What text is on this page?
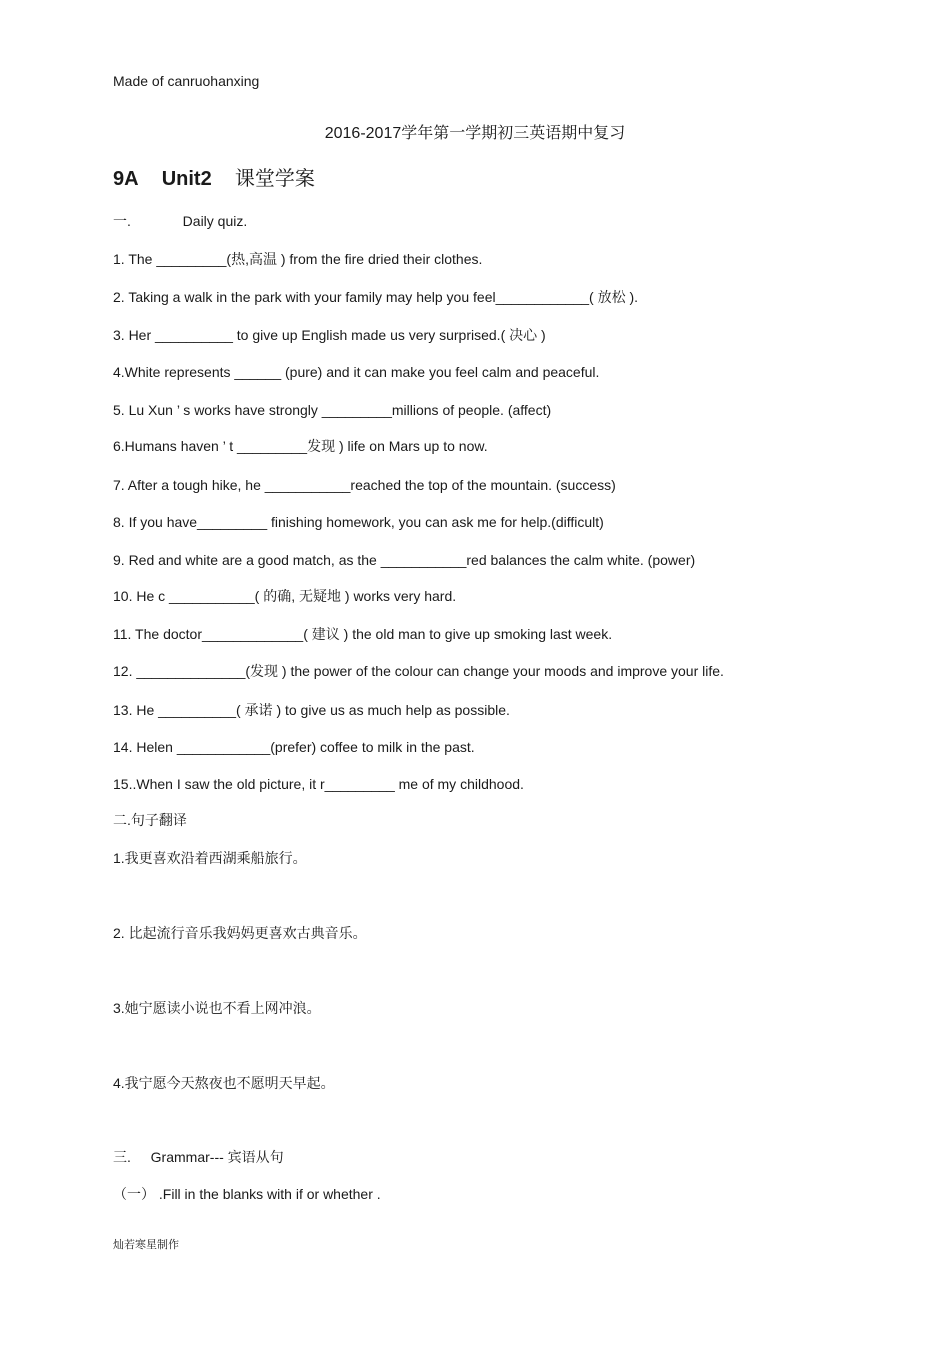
Made of canruohanxing
2016-2017学年第一学期初三英语期中复习
9A Unit2 课堂学案
一.	Daily quiz.
1. The _________(热,高温 ) from the fire dried their clothes.
2. Taking a walk in the park with your family may help you feel____________( 放松 ).
3. Her __________ to give up English made us very surprised.( 决心 )
4.White represents ______ (pure) and it can make you feel calm and peaceful.
5. Lu Xun ’ s works have strongly _________millions of people. (affect)
6.Humans haven ’ t _________发现 ) life on Mars up to now.
7. After a tough hike, he ___________reached the top of the mountain. (success)
8. If you have_________ finishing homework, you can ask me for help.(difficult)
9. Red and white are a good match, as the ___________red balances the calm white. (power)
10. He c ___________( 的确, 无疑地 ) works very hard.
11. The doctor_____________( 建议 ) the old man to give up smoking last week.
12. ______________(发现 ) the power of the colour can change your moods and improve your life.
13. He __________( 承诺 ) to give us as much help as possible.
14. Helen ____________(prefer) coffee to milk in the past.
15..When I saw the old picture, it r_________ me of my childhood.
二.句子翻译
1.我更喜欢沿着西湖乘船旅行。
2. 比起流行音乐我妈妈更喜欢古典音乐。
3.她宁愿读小说也不看上网冲浪。
4.我宁愿今天熬夜也不愿明天早起。
三. Grammar--- 宾语从句
（一） .Fill in the blanks with if or whether .
灿若寒星制作
